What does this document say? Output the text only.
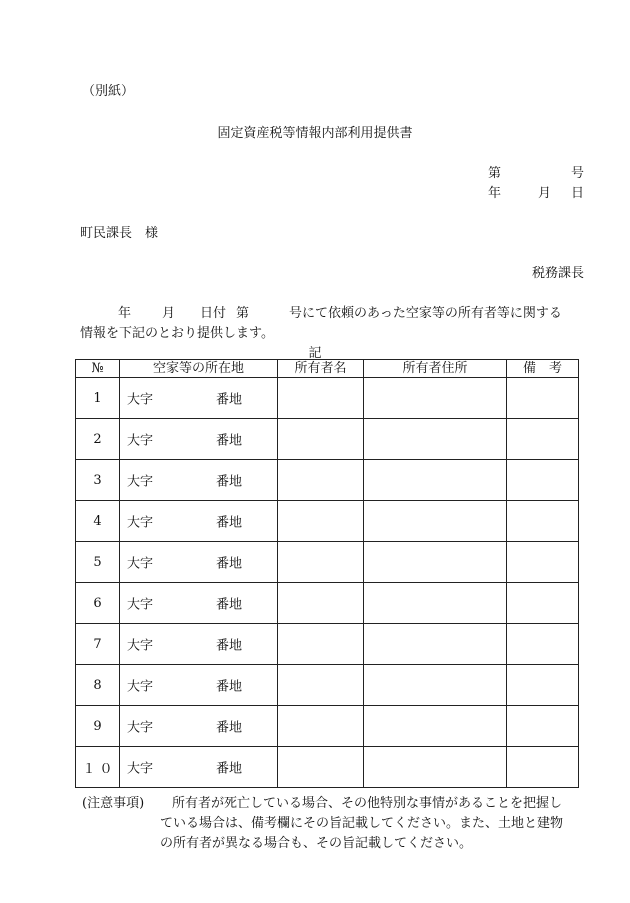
（別紙）
固定資産税等情報内部利用提供書
第	号
年	月 日
町民課長　様
税務課長
年 月 日付 第	号にて依頼のあった空家等の所有者等に関する
情報を下記のとおり提供します。
記
№	空家等の所在地	所有者名	所有者住所	備　考
1	大字 番地			

2	大字 番地			

3	大字 番地			

4	大字 番地			

5	大字 番地			

6	大字 番地			

7	大字 番地			

8	大字 番地			

9	大字 番地			

１０	大字 番地			

(注意事項) 所有者が死亡している場合、その他特別な事情があることを把握し
ている場合は、備考欄にその旨記載してください。また、土地と建物
の所有者が異なる場合も、その旨記載してください。
